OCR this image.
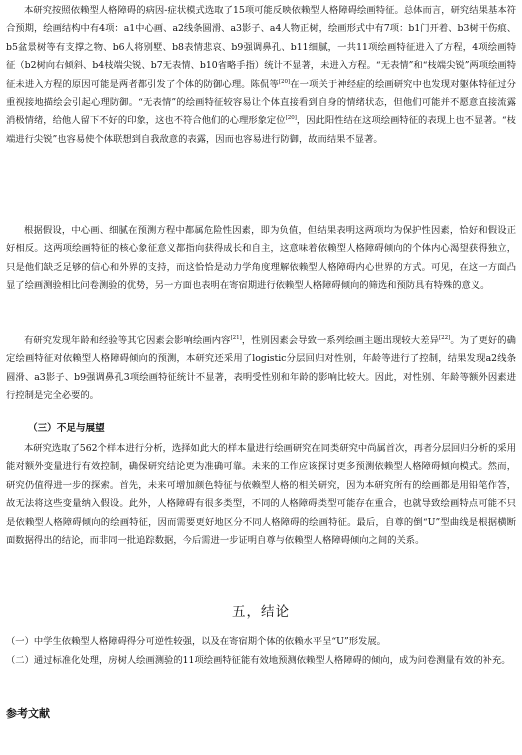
本研究按照依赖型人格障碍的病因-症状模式选取了15项可能反映依赖型人格障碍绘画特征。总体而言，研究结果基本符合预期，绘画结构中有4项：a1中心画、a2线条圆滑、a3影子、a4人物正树，绘画形式中有7项：b1门开着、b3树干伤痕、b5盆景树等有支撑之物、b6人将别墅、b8表情悲哀、b9强调鼻孔、b11细腻，一共11项绘画特征进入了方程，4项绘画特征（b2树向右倾斜、b4枝端尖锐、b7无表情、b10省略手指）统计不显著，未进入方程。“无表情”和“枝端尖锐”两项绘画特征未进入方程的原因可能是两者都引发了个体的防御心理。陈侃等[20]在一项关于神经症的绘画研究中也发现对躯体特征过分重视接地描绘会引起心理防御。“无表情”的绘画特征较容易让个体直接看到自身的情绪状态，但他们可能并不愿意直接流露消极情绪，给他人留下不好的印象，这也不符合他们的心理形象定位[20]，因此阳性结在这项绘画特征的表现上也不显著。“枝端进行尖锐”也容易使个体联想到自我敌意的表露，因而也容易进行防御，故而结果不显著。

根据假设，中心画、细腻在预测方程中都属危险性因素，即为负值，但结果表明这两项均为保护性因素，恰好和假设正好相反。这两项绘画特征的核心象征意义都指向获得成长和自主，这意味着依赖型人格障碍倾向的个体内心渴望获得独立，只是他们缺乏足够的信心和外界的支持，而这恰恰是动力学角度理解依赖型人格障碍内心世界的方式。可见，在这一方面凸显了绘画测验相比问卷测验的优势，另一方面也表明在寄宿期进行依赖型人格障碍倾向的筛选和预防具有特殊的意义。

有研究发现年龄和经验等其它因素会影响绘画内容[21]，性别因素会导致一系列绘画主题出现较大差异[22]。为了更好的确定绘画特征对依赖型人格障碍倾向的预测，本研究还采用了logistic分层回归对性别，年龄等进行了控制，结果发现a2线条圆滑、a3影子、b9强调鼻孔3项绘画特征统计不显著，表明受性别和年龄的影响比较大。因此，对性别、年龄等额外因素进行控制是完全必要的。

（三）不足与展望

本研究选取了562个样本进行分析，选择如此大的样本量进行绘画研究在同类研究中尚属首次，再者分层回归分析的采用能对额外变量进行有效控制，确保研究结论更为准确可靠。未来的工作应该探讨更多预测依赖型人格障碍倾向模式。然而，研究仍值得进一步的探索。首先，未来可增加颜色特征与依赖型人格的相关研究，因为本研究所有的绘画都是用铅笔作答，故无法将这些变量纳入假设。此外，人格障碍有很多类型，不同的人格障碍类型可能存在重合，也就导致绘画特点可能不只是依赖型人格障碍倾向的绘画特征，因而需要更好地区分不同人格障碍的绘画特征。最后，自尊的倒“U”型曲线是根据横断面数据得出的结论，而非同一批追踪数据，今后需进一步证明自尊与依赖型人格障碍倾向之间的关系。

五，结论

（一）中学生依赖型人格障碍得分可逆性较强，以及在寄宿期个体的依赖水平呈“U”形发展。

（二）通过标准化处理，房树人绘画测验的11项绘画特征能有效地预测依赖型人格障碍的倾向，成为问卷测量有效的补充。

参考文献
